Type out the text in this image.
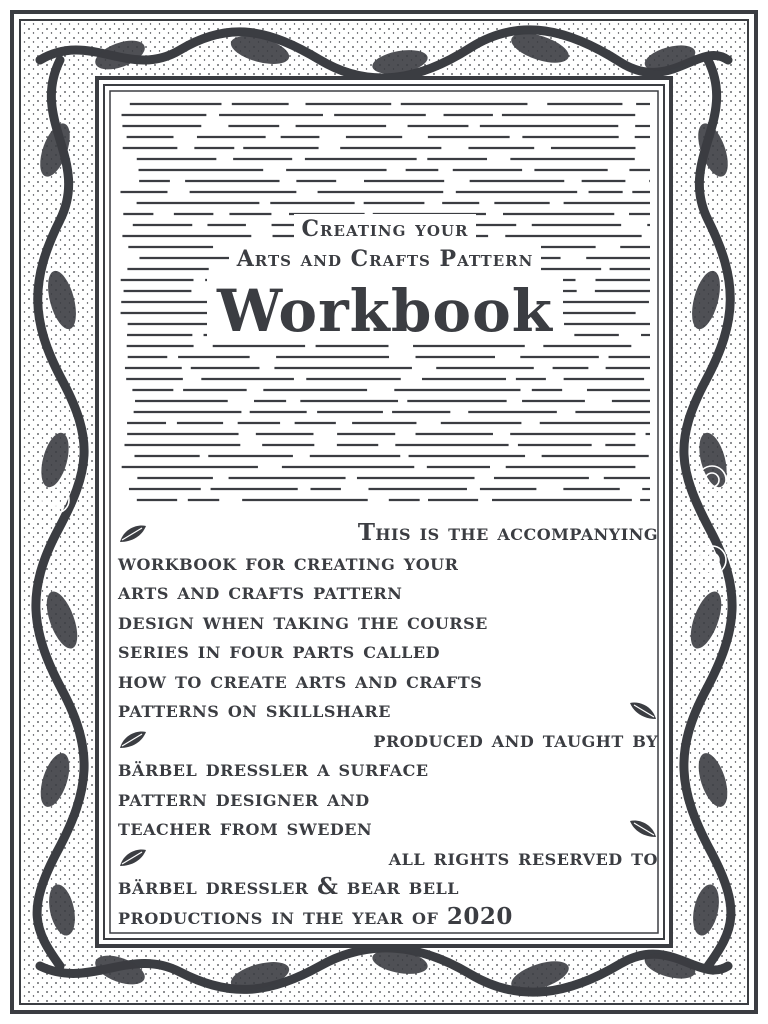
Creating your
Arts and Crafts Pattern
Workbook
This is the accompanying
workbook for creating your
arts and crafts pattern
design when taking the course
series in four parts called
how to create arts and crafts
patterns on skillshare
produced and taught by
bärbel dressler a surface
pattern designer and
teacher from sweden
all rights reserved to
bärbel dressler & bear bell
productions in the year of 2020
